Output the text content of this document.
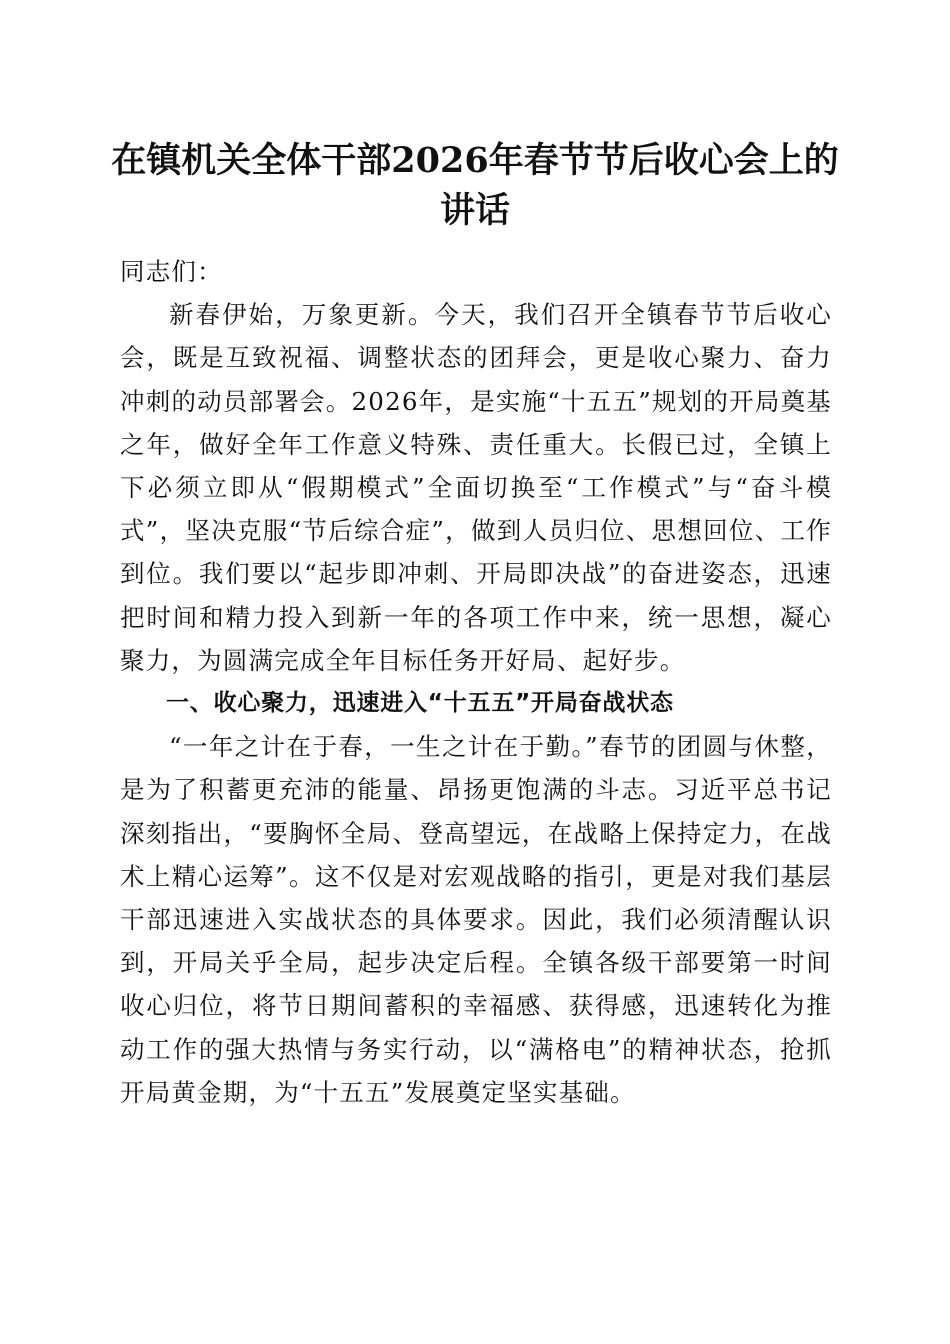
在镇机关全体干部2026年春节节后收心会上的讲话

同志们：

新春伊始，万象更新。今天，我们召开全镇春节节后收心会，既是互致祝福、调整状态的团拜会，更是收心聚力、奋力冲刺的动员部署会。2026年，是实施“十五五”规划的开局奠基之年，做好全年工作意义特殊、责任重大。长假已过，全镇上下必须立即从“假期模式”全面切换至“工作模式”与“奋斗模式”，坚决克服“节后综合症”，做到人员归位、思想回位、工作到位。我们要以“起步即冲刺、开局即决战”的奋进姿态，迅速把时间和精力投入到新一年的各项工作中来，统一思想，凝心聚力，为圆满完成全年目标任务开好局、起好步。

一、收心聚力，迅速进入“十五五”开局奋战状态

“一年之计在于春，一生之计在于勤。”春节的团圆与休整，是为了积蓄更充沛的能量、昂扬更饱满的斗志。习近平总书记深刻指出，“要胸怀全局、登高望远，在战略上保持定力，在战术上精心运筹”。这不仅是对宏观战略的指引，更是对我们基层干部迅速进入实战状态的具体要求。因此，我们必须清醒认识到，开局关乎全局，起步决定后程。全镇各级干部要第一时间收心归位，将节日期间蓄积的幸福感、获得感，迅速转化为推动工作的强大热情与务实行动，以“满格电”的精神状态，抢抓开局黄金期，为“十五五”发展奠定坚实基础。
